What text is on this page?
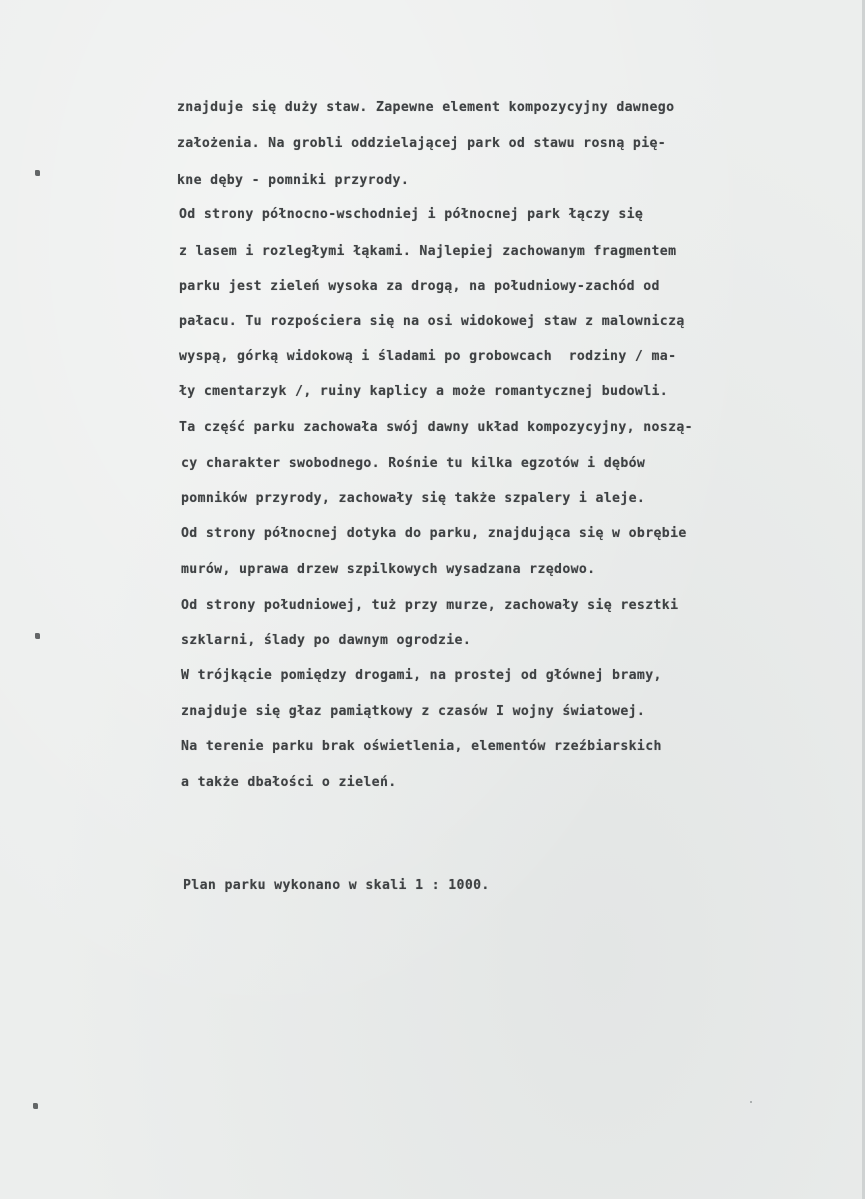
znajduje się duży staw. Zapewne element kompozycyjny dawnego
założenia. Na grobli oddzielającej park od stawu rosną pię-
kne dęby - pomniki przyrody.
Od strony północno-wschodniej i północnej park łączy się
z lasem i rozległymi łąkami. Najlepiej zachowanym fragmentem
parku jest zieleń wysoka za drogą, na południowy-zachód od
pałacu. Tu rozpościera się na osi widokowej staw z malowniczą
wyspą, górką widokową i śladami po grobowcach  rodziny / ma-
ły cmentarzyk /, ruiny kaplicy a może romantycznej budowli.
Ta część parku zachowała swój dawny układ kompozycyjny, noszą-
cy charakter swobodnego. Rośnie tu kilka egzotów i dębów
pomników przyrody, zachowały się także szpalery i aleje.
Od strony północnej dotyka do parku, znajdująca się w obrębie
murów, uprawa drzew szpilkowych wysadzana rzędowo.
Od strony południowej, tuż przy murze, zachowały się resztki
szklarni, ślady po dawnym ogrodzie.
W trójkącie pomiędzy drogami, na prostej od głównej bramy,
znajduje się głaz pamiątkowy z czasów I wojny światowej.
Na terenie parku brak oświetlenia, elementów rzeźbiarskich
a także dbałości o zieleń.
Plan parku wykonano w skali 1 : 1000.
